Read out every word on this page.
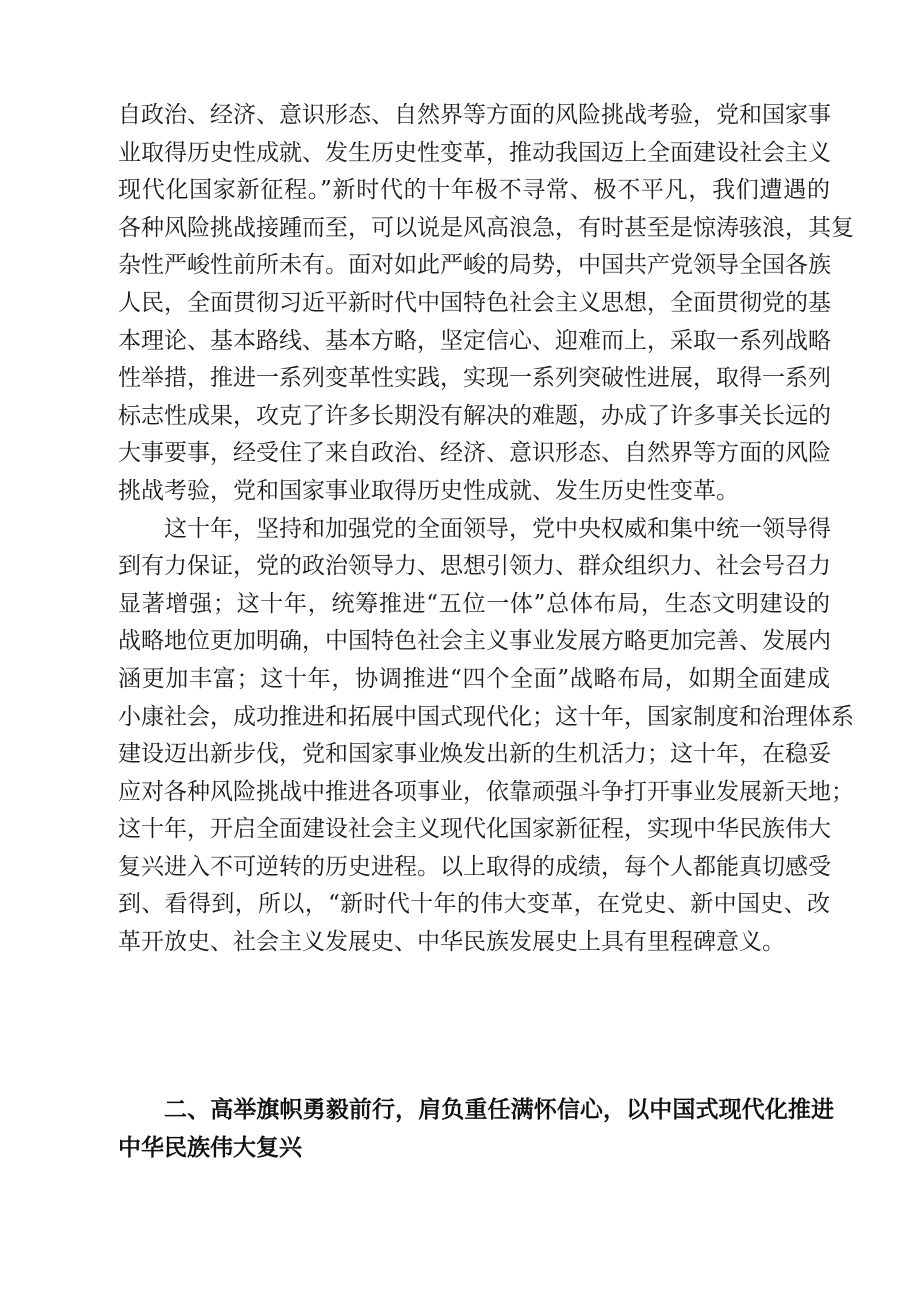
自政治、经济、意识形态、自然界等方面的风险挑战考验，党和国家事
业取得历史性成就、发生历史性变革，推动我国迈上全面建设社会主义
现代化国家新征程。”新时代的十年极不寻常、极不平凡，我们遭遇的
各种风险挑战接踵而至，可以说是风高浪急，有时甚至是惊涛骇浪，其复
杂性严峻性前所未有。面对如此严峻的局势，中国共产党领导全国各族
人民，全面贯彻习近平新时代中国特色社会主义思想，全面贯彻党的基
本理论、基本路线、基本方略，坚定信心、迎难而上，采取一系列战略
性举措，推进一系列变革性实践，实现一系列突破性进展，取得一系列
标志性成果，攻克了许多长期没有解决的难题，办成了许多事关长远的
大事要事，经受住了来自政治、经济、意识形态、自然界等方面的风险
挑战考验，党和国家事业取得历史性成就、发生历史性变革。
这十年，坚持和加强党的全面领导，党中央权威和集中统一领导得
到有力保证，党的政治领导力、思想引领力、群众组织力、社会号召力
显著增强；这十年，统筹推进“五位一体”总体布局，生态文明建设的
战略地位更加明确，中国特色社会主义事业发展方略更加完善、发展内
涵更加丰富；这十年，协调推进“四个全面”战略布局，如期全面建成
小康社会，成功推进和拓展中国式现代化；这十年，国家制度和治理体系
建设迈出新步伐，党和国家事业焕发出新的生机活力；这十年，在稳妥
应对各种风险挑战中推进各项事业，依靠顽强斗争打开事业发展新天地；
这十年，开启全面建设社会主义现代化国家新征程，实现中华民族伟大
复兴进入不可逆转的历史进程。以上取得的成绩，每个人都能真切感受
到、看得到，所以，“新时代十年的伟大变革，在党史、新中国史、改
革开放史、社会主义发展史、中华民族发展史上具有里程碑意义。
二、高举旗帜勇毅前行，肩负重任满怀信心，以中国式现代化推进
中华民族伟大复兴
